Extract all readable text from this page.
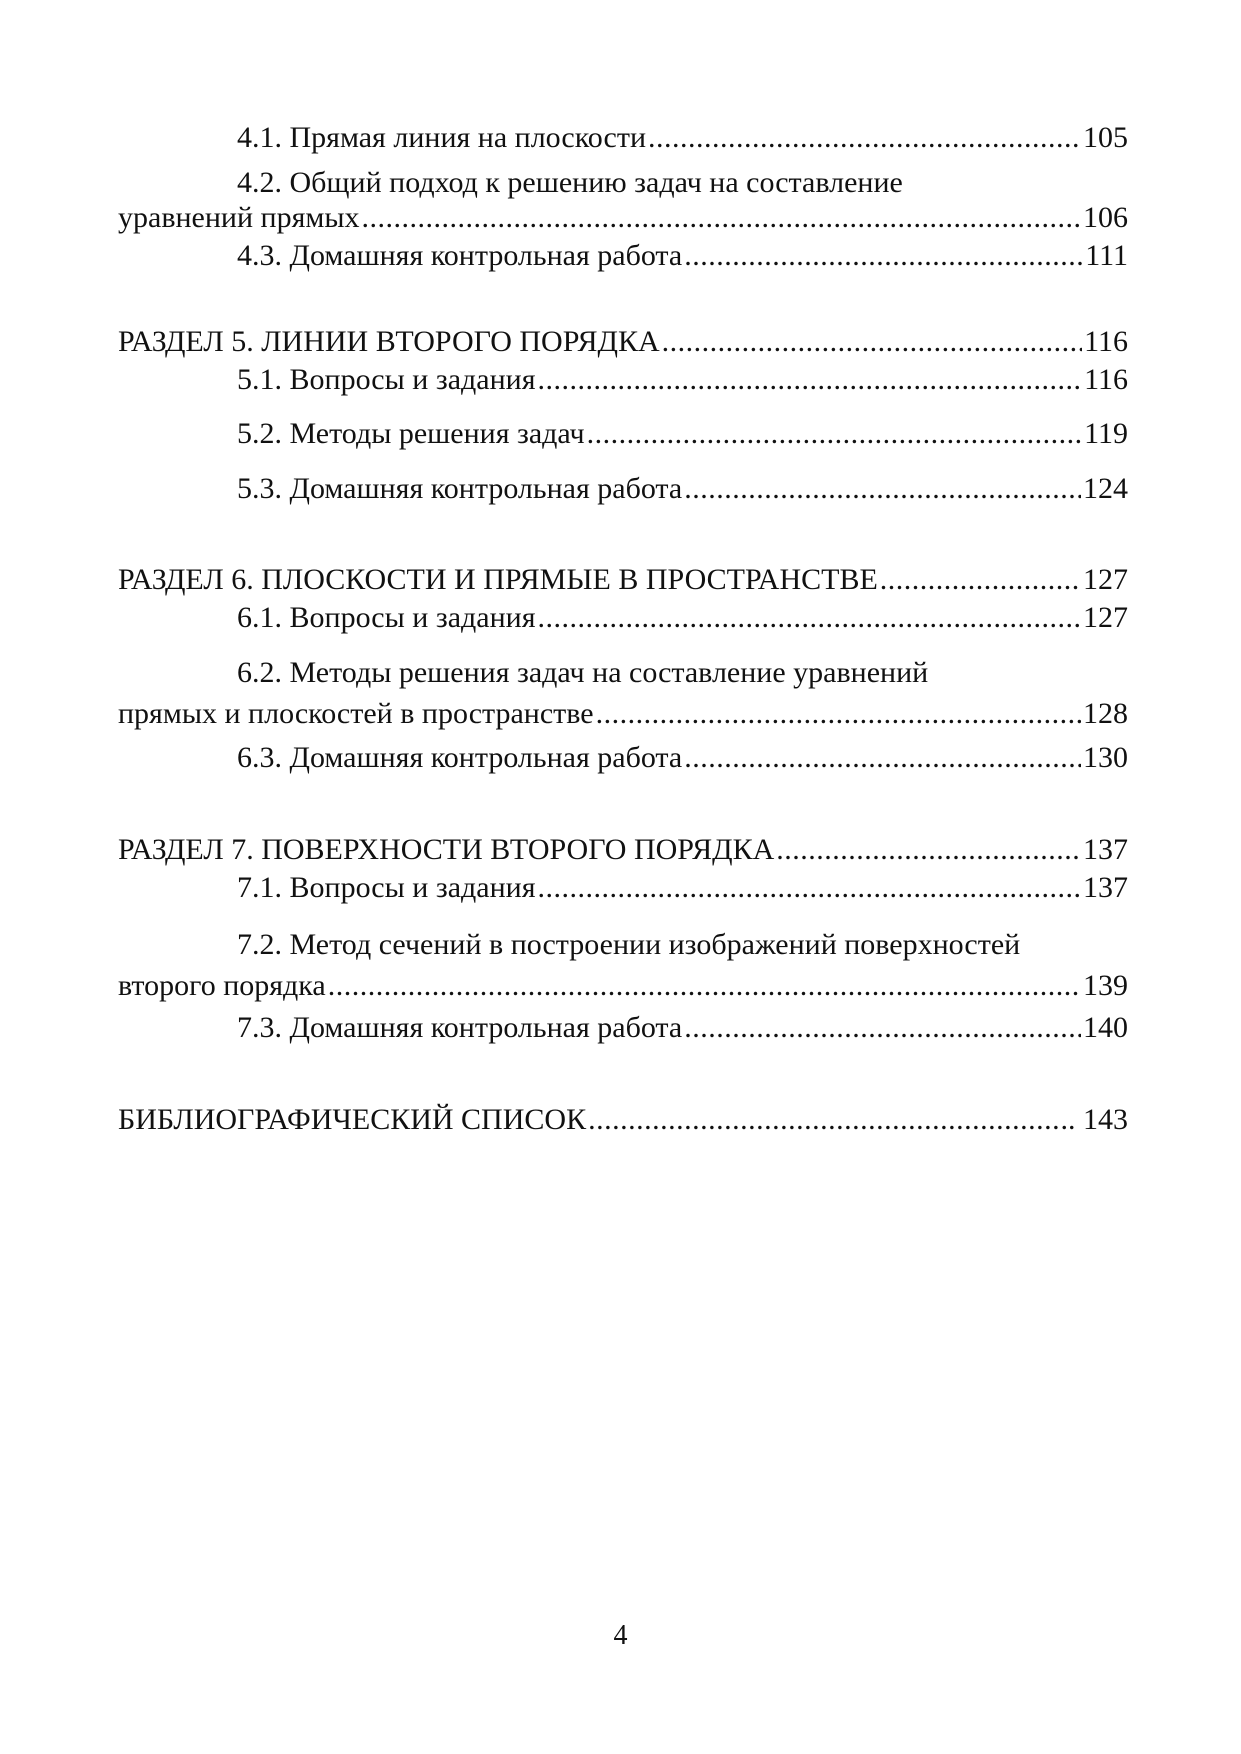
4.1. Прямая линия на плоскости .....	105
4.2. Общий подход к решению задач на составление
уравнений прямых .....	106
4.3. Домашняя контрольная работа .....	111
РАЗДЕЛ 5. ЛИНИИ ВТОРОГО ПОРЯДКА .....	116
5.1. Вопросы и задания .....	116
5.2. Методы решения задач .....	119
5.3. Домашняя контрольная работа .....	124
РАЗДЕЛ 6. ПЛОСКОСТИ И ПРЯМЫЕ В ПРОСТРАНСТВЕ .....	127
6.1. Вопросы и задания .....	127
6.2. Методы решения задач на составление уравнений
прямых и плоскостей в пространстве .....	128
6.3. Домашняя контрольная работа .....	130
РАЗДЕЛ 7. ПОВЕРХНОСТИ ВТОРОГО ПОРЯДКА .....	137
7.1. Вопросы и задания .....	137
7.2. Метод сечений в построении изображений поверхностей
второго порядка .....	139
7.3. Домашняя контрольная работа .....	140
БИБЛИОГРАФИЧЕСКИЙ СПИСОК .....	.. 143
4
